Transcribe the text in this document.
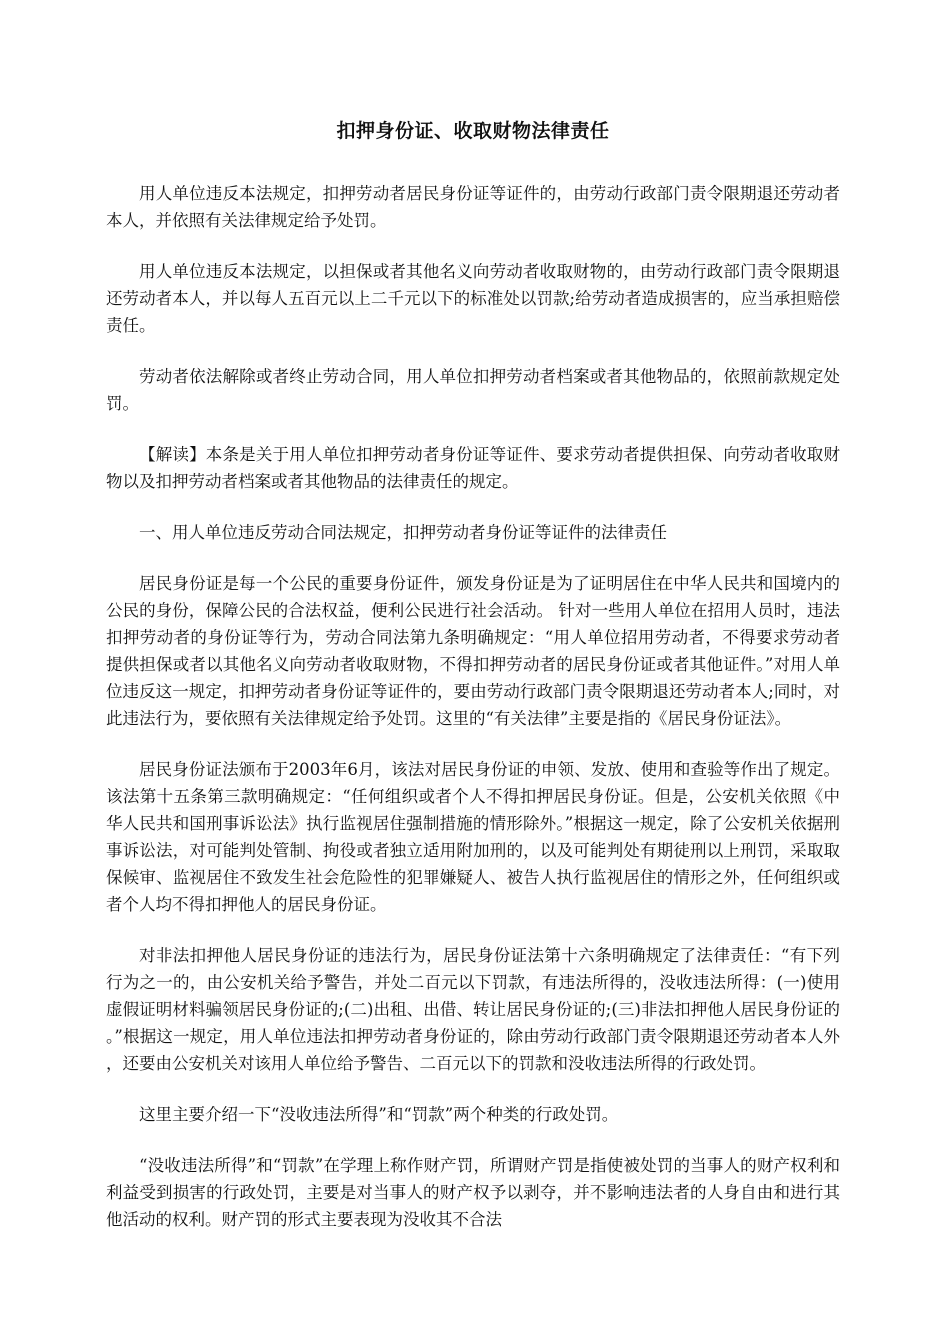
扣押身份证、收取财物法律责任

用人单位违反本法规定，扣押劳动者居民身份证等证件的，由劳动行政部门责令限期退还劳动者本人，并依照有关法律规定给予处罚。

用人单位违反本法规定，以担保或者其他名义向劳动者收取财物的，由劳动行政部门责令限期退还劳动者本人，并以每人五百元以上二千元以下的标准处以罚款;给劳动者造成损害的，应当承担赔偿责任。

劳动者依法解除或者终止劳动合同，用人单位扣押劳动者档案或者其他物品的，依照前款规定处罚。

【解读】本条是关于用人单位扣押劳动者身份证等证件、要求劳动者提供担保、向劳动者收取财物以及扣押劳动者档案或者其他物品的法律责任的规定。

一、用人单位违反劳动合同法规定，扣押劳动者身份证等证件的法律责任

居民身份证是每一个公民的重要身份证件，颁发身份证是为了证明居住在中华人民共和国境内的公民的身份，保障公民的合法权益，便利公民进行社会活动。 针对一些用人单位在招用人员时，违法扣押劳动者的身份证等行为，劳动合同法第九条明确规定：“用人单位招用劳动者，不得要求劳动者提供担保或者以其他名义向劳动者收取财物，不得扣押劳动者的居民身份证或者其他证件。”对用人单位违反这一规定，扣押劳动者身份证等证件的，要由劳动行政部门责令限期退还劳动者本人;同时，对此违法行为，要依照有关法律规定给予处罚。这里的“有关法律”主要是指的《居民身份证法》。

居民身份证法颁布于2003年6月，该法对居民身份证的申领、发放、使用和查验等作出了规定。该法第十五条第三款明确规定：“任何组织或者个人不得扣押居民身份证。但是，公安机关依照《中华人民共和国刑事诉讼法》执行监视居住强制措施的情形除外。”根据这一规定，除了公安机关依据刑事诉讼法，对可能判处管制、拘役或者独立适用附加刑的，以及可能判处有期徒刑以上刑罚，采取取保候审、监视居住不致发生社会危险性的犯罪嫌疑人、被告人执行监视居住的情形之外，任何组织或者个人均不得扣押他人的居民身份证。

对非法扣押他人居民身份证的违法行为，居民身份证法第十六条明确规定了法律责任：“有下列行为之一的，由公安机关给予警告，并处二百元以下罚款，有违法所得的，没收违法所得：(一)使用虚假证明材料骗领居民身份证的;(二)出租、出借、转让居民身份证的;(三)非法扣押他人居民身份证的。”根据这一规定，用人单位违法扣押劳动者身份证的，除由劳动行政部门责令限期退还劳动者本人外，还要由公安机关对该用人单位给予警告、二百元以下的罚款和没收违法所得的行政处罚。

这里主要介绍一下“没收违法所得”和“罚款”两个种类的行政处罚。

“没收违法所得”和“罚款”在学理上称作财产罚，所谓财产罚是指使被处罚的当事人的财产权利和利益受到损害的行政处罚，主要是对当事人的财产权予以剥夺，并不影响违法者的人身自由和进行其他活动的权利。财产罚的形式主要表现为没收其不合法
